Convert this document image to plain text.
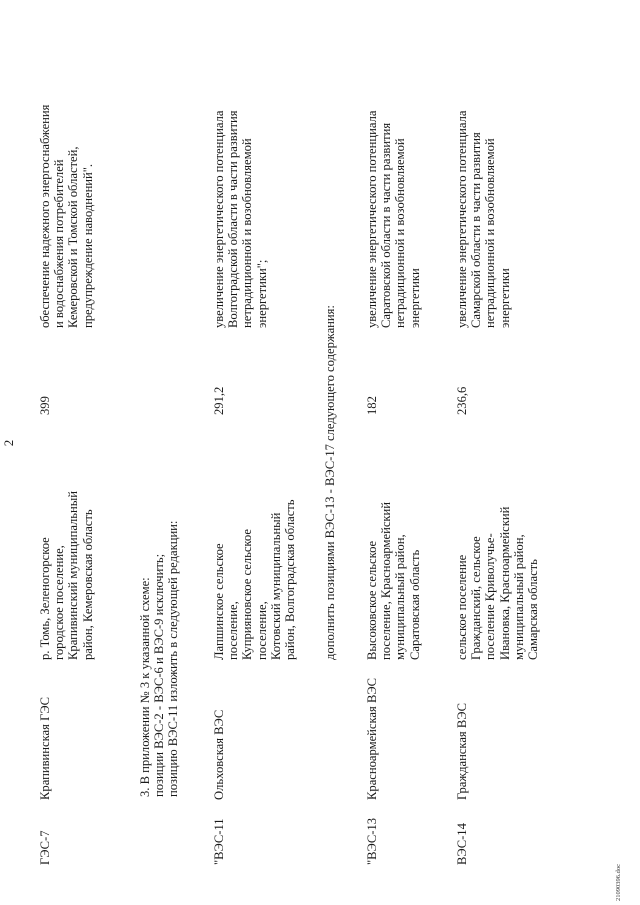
2
ГЭС-7
Крапивинская ГЭС
р. Томь, Зеленогорское
городское поселение,
Крапивинский муниципальный
район, Кемеровская область
399
обеспечение надежного энергоснабжения
и водоснабжения потребителей
Кемеровской и Томской областей,
предупреждение наводнений".
3. В приложении № 3 к указанной схеме:
позиции ВЭС-2 - ВЭС-6 и ВЭС-9 исключить;
позицию ВЭС-11 изложить в следующей редакции:
"ВЭС-11
Ольховская ВЭС
Лапшинское сельское
поселение,
Куприяновское сельское
поселение,
Котовский муниципальный
район, Волгоградская область
291,2
увеличение энергетического потенциала
Волгоградской области в части развития
нетрадиционной и возобновляемой
энергетики";
дополнить позициями ВЭС-13 - ВЭС-17 следующего содержания:
"ВЭС-13
Красноармейская ВЭС
Высоковское сельское
поселение, Красноармейский
муниципальный район,
Саратовская область
182
увеличение энергетического потенциала
Саратовской области в части развития
нетрадиционной и возобновляемой
энергетики
ВЭС-14
Гражданская ВЭС
сельское поселение
Гражданский, сельское
поселение Криволучье-
Ивановка, Красноармейский
муниципальный район,
Самарская область
236,6
увеличение энергетического потенциала
Самарской области в части развития
нетрадиционной и возобновляемой
энергетики
21090396.doc
